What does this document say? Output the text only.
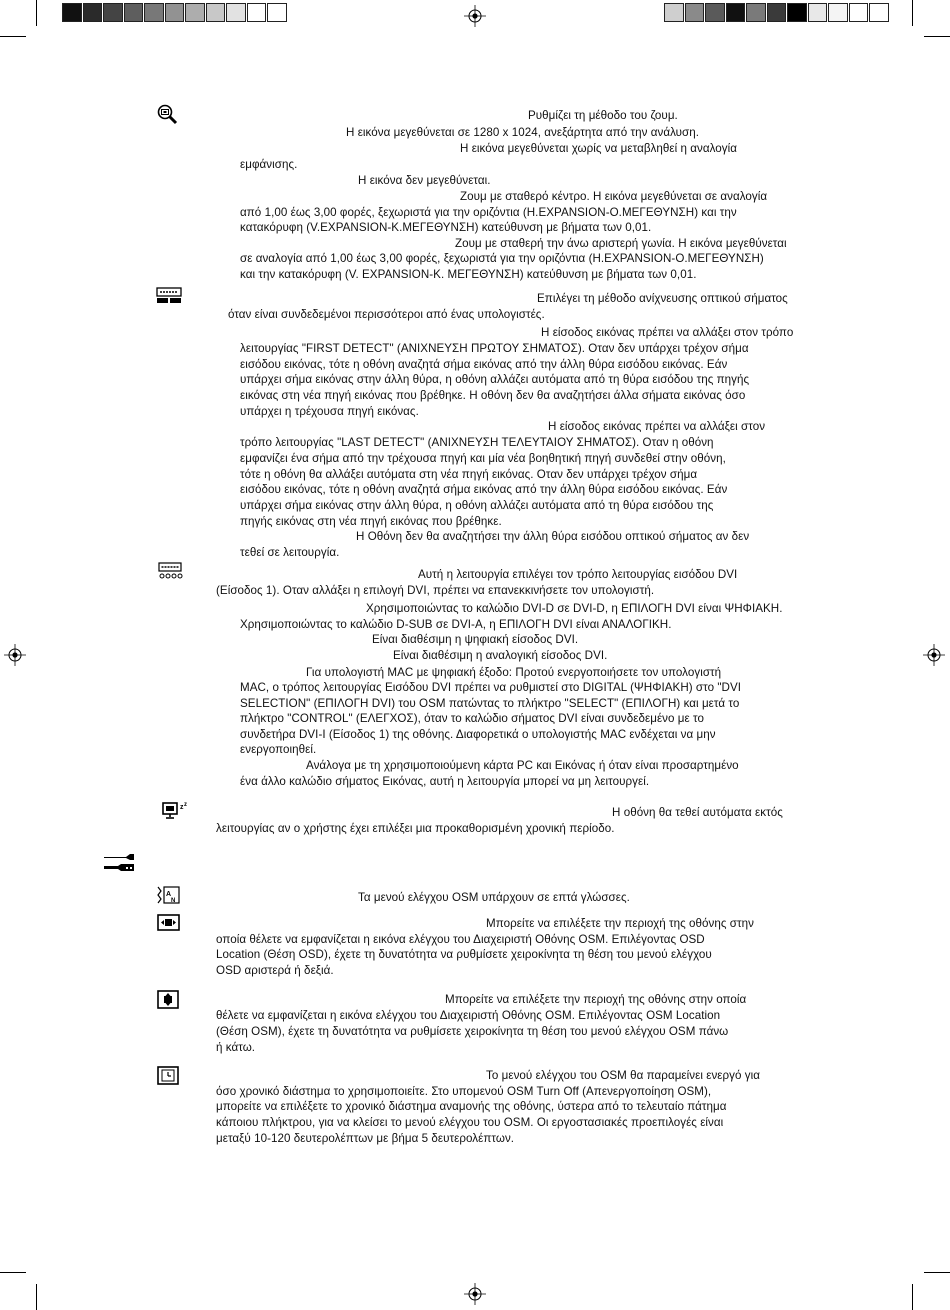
z z
A
N
Ρυθμίζει τη μέθοδο του ζουμ.
Η εικόνα μεγεθύνεται σε 1280 x 1024, ανεξάρτητα από την ανάλυση.
Η εικόνα μεγεθύνεται χωρίς να μεταβληθεί η αναλογία
εμφάνισης.
Η εικόνα δεν μεγεθύνεται.
Ζουμ με σταθερό κέντρο. Η εικόνα μεγεθύνεται σε αναλογία
από 1,00 έως 3,00 φορές, ξεχωριστά για την οριζόντια (H.EXPANSION-Ο.ΜΕΓΕΘΥΝΣΗ) και την
κατακόρυφη (V.EXPANSION-Κ.ΜΕΓΕΘΥΝΣΗ) κατεύθυνση με βήματα των 0,01.
Ζουμ με σταθερή την άνω αριστερή γωνία. Η εικόνα μεγεθύνεται
σε αναλογία από 1,00 έως 3,00 φορές, ξεχωριστά για την οριζόντια (H.EXPANSION-Ο.ΜΕΓΕΘΥΝΣΗ)
και την κατακόρυφη (V. EXPANSION-Κ. ΜΕΓΕΘΥΝΣΗ) κατεύθυνση με βήματα των 0,01.
Επιλέγει τη μέθοδο ανίχνευσης οπτικού σήματος
όταν είναι συνδεδεμένοι περισσότεροι από ένας υπολογιστές.
Η είσοδος εικόνας πρέπει να αλλάξει στον τρόπο
λειτουργίας "FIRST DETECT" (ΑΝΙΧΝΕΥΣΗ ΠΡΩΤΟΥ ΣΗΜΑΤΟΣ). Οταν δεν υπάρχει τρέχον σήμα
εισόδου εικόνας, τότε η οθόνη αναζητά σήμα εικόνας από την άλλη θύρα εισόδου εικόνας. Εάν
υπάρχει σήμα εικόνας στην άλλη θύρα, η οθόνη αλλάζει αυτόματα από τη θύρα εισόδου της πηγής
εικόνας στη νέα πηγή εικόνας που βρέθηκε. Η οθόνη δεν θα αναζητήσει άλλα σήματα εικόνας όσο
υπάρχει η τρέχουσα πηγή εικόνας.
Η είσοδος εικόνας πρέπει να αλλάξει στον
τρόπο λειτουργίας "LAST DETECT" (ΑΝΙΧΝΕΥΣΗ ΤΕΛΕΥΤΑΙΟΥ ΣΗΜΑΤΟΣ). Οταν η οθόνη
εμφανίζει ένα σήμα από την τρέχουσα πηγή και μία νέα βοηθητική πηγή συνδεθεί στην οθόνη,
τότε η οθόνη θα αλλάξει αυτόματα στη νέα πηγή εικόνας. Οταν δεν υπάρχει τρέχον σήμα
εισόδου εικόνας, τότε η οθόνη αναζητά σήμα εικόνας από την άλλη θύρα εισόδου εικόνας. Εάν
υπάρχει σήμα εικόνας στην άλλη θύρα, η οθόνη αλλάζει αυτόματα από τη θύρα εισόδου της
πηγής εικόνας στη νέα πηγή εικόνας που βρέθηκε.
Η Οθόνη δεν θα αναζητήσει την άλλη θύρα εισόδου οπτικού σήματος αν δεν
τεθεί σε λειτουργία.
Αυτή η λειτουργία επιλέγει τον τρόπο λειτουργίας εισόδου DVI
(Είσοδος 1). Οταν αλλάξει η επιλογή DVI, πρέπει να επανεκκινήσετε τον υπολογιστή.
Χρησιμοποιώντας το καλώδιο DVI-D σε DVI-D, η ΕΠΙΛΟΓΗ DVI είναι ΨΗΦΙΑΚΗ.
Χρησιμοποιώντας το καλώδιο D-SUB σε DVI-A, η ΕΠΙΛΟΓΗ DVI είναι ΑΝΑΛΟΓΙΚΗ.
Είναι διαθέσιμη η ψηφιακή είσοδος DVI.
Είναι διαθέσιμη η αναλογική είσοδος DVI.
Για υπολογιστή MAC με ψηφιακή έξοδο: Προτού ενεργοποιήσετε τον υπολογιστή
MAC, ο τρόπος λειτουργίας Εισόδου DVI πρέπει να ρυθμιστεί στο DIGITAL (ΨΗΦΙΑΚΗ) στο "DVI
SELECTION" (ΕΠΙΛΟΓΗ DVI) του OSM πατώντας το πλήκτρο "SELECT" (ΕΠΙΛΟΓΗ) και μετά το
πλήκτρο "CONTROL" (ΕΛΕΓΧΟΣ), όταν το καλώδιο σήματος DVI είναι συνδεδεμένο με το
συνδετήρα DVI-I (Είσοδος 1) της οθόνης. Διαφορετικά ο υπολογιστής MAC ενδέχεται να μην
ενεργοποιηθεί.
Ανάλογα με τη χρησιμοποιούμενη κάρτα PC και Εικόνας ή όταν είναι προσαρτημένο
ένα άλλο καλώδιο σήματος Εικόνας, αυτή η λειτουργία μπορεί να μη λειτουργεί.
Η οθόνη θα τεθεί αυτόματα εκτός
λειτουργίας αν ο χρήστης έχει επιλέξει μια προκαθορισμένη χρονική περίοδο.
Τα μενού ελέγχου OSM υπάρχουν σε επτά γλώσσες.
Μπορείτε να επιλέξετε την περιοχή της οθόνης στην
οποία θέλετε να εμφανίζεται η εικόνα ελέγχου του Διαχειριστή Οθόνης OSM. Επιλέγοντας OSD
Location (Θέση OSD), έχετε τη δυνατότητα να ρυθμίσετε χειροκίνητα τη θέση του μενού ελέγχου
OSD αριστερά ή δεξιά.
Μπορείτε να επιλέξετε την περιοχή της οθόνης στην οποία
θέλετε να εμφανίζεται η εικόνα ελέγχου του Διαχειριστή Οθόνης OSM. Επιλέγοντας OSM Location
(Θέση OSM), έχετε τη δυνατότητα να ρυθμίσετε χειροκίνητα τη θέση του μενού ελέγχου OSM πάνω
ή κάτω.
Το μενού ελέγχου του OSM θα παραμείνει ενεργό για
όσο χρονικό διάστημα το χρησιμοποιείτε. Στο υπομενού OSM Turn Off (Απενεργοποίηση OSM),
μπορείτε να επιλέξετε το χρονικό διάστημα αναμονής της οθόνης, ύστερα από το τελευταίο πάτημα
κάποιου πλήκτρου, για να κλείσει το μενού ελέγχου του OSM. Οι εργοστασιακές προεπιλογές είναι
μεταξύ 10-120 δευτερολέπτων με βήμα 5 δευτερολέπτων.
